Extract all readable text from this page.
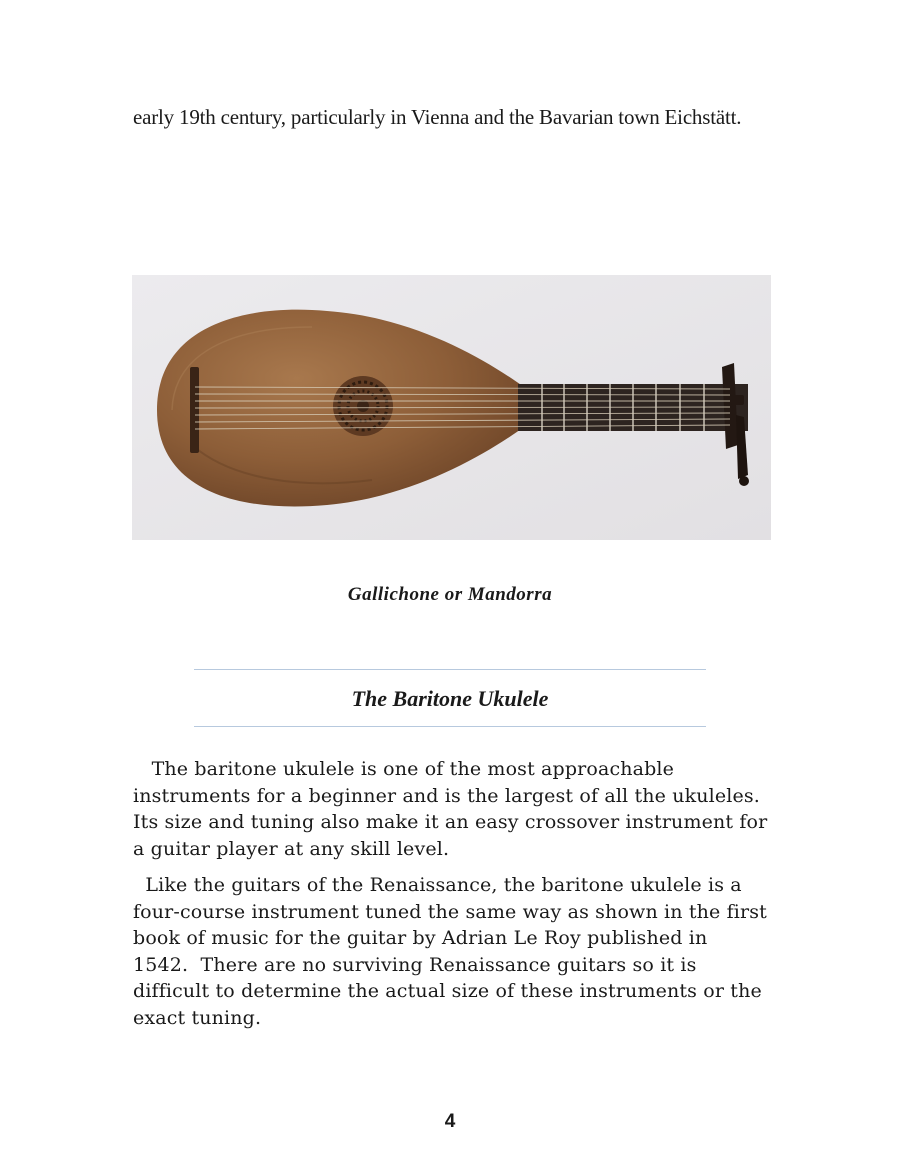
early 19th century, particularly in Vienna and the Bavarian town Eichstätt.

Gallichone or Mandorra

The Baritone Ukulele

The baritone ukulele is one of the most approachable instruments for a beginner and is the largest of all the ukuleles. Its size and tuning also make it an easy crossover instrument for a guitar player at any skill level.

Like the guitars of the Renaissance, the baritone ukulele is a four-course instrument tuned the same way as shown in the first book of music for the guitar by Adrian Le Roy published in 1542.  There are no surviving Renaissance guitars so it is difficult to determine the actual size of these instruments or the exact tuning.

4
